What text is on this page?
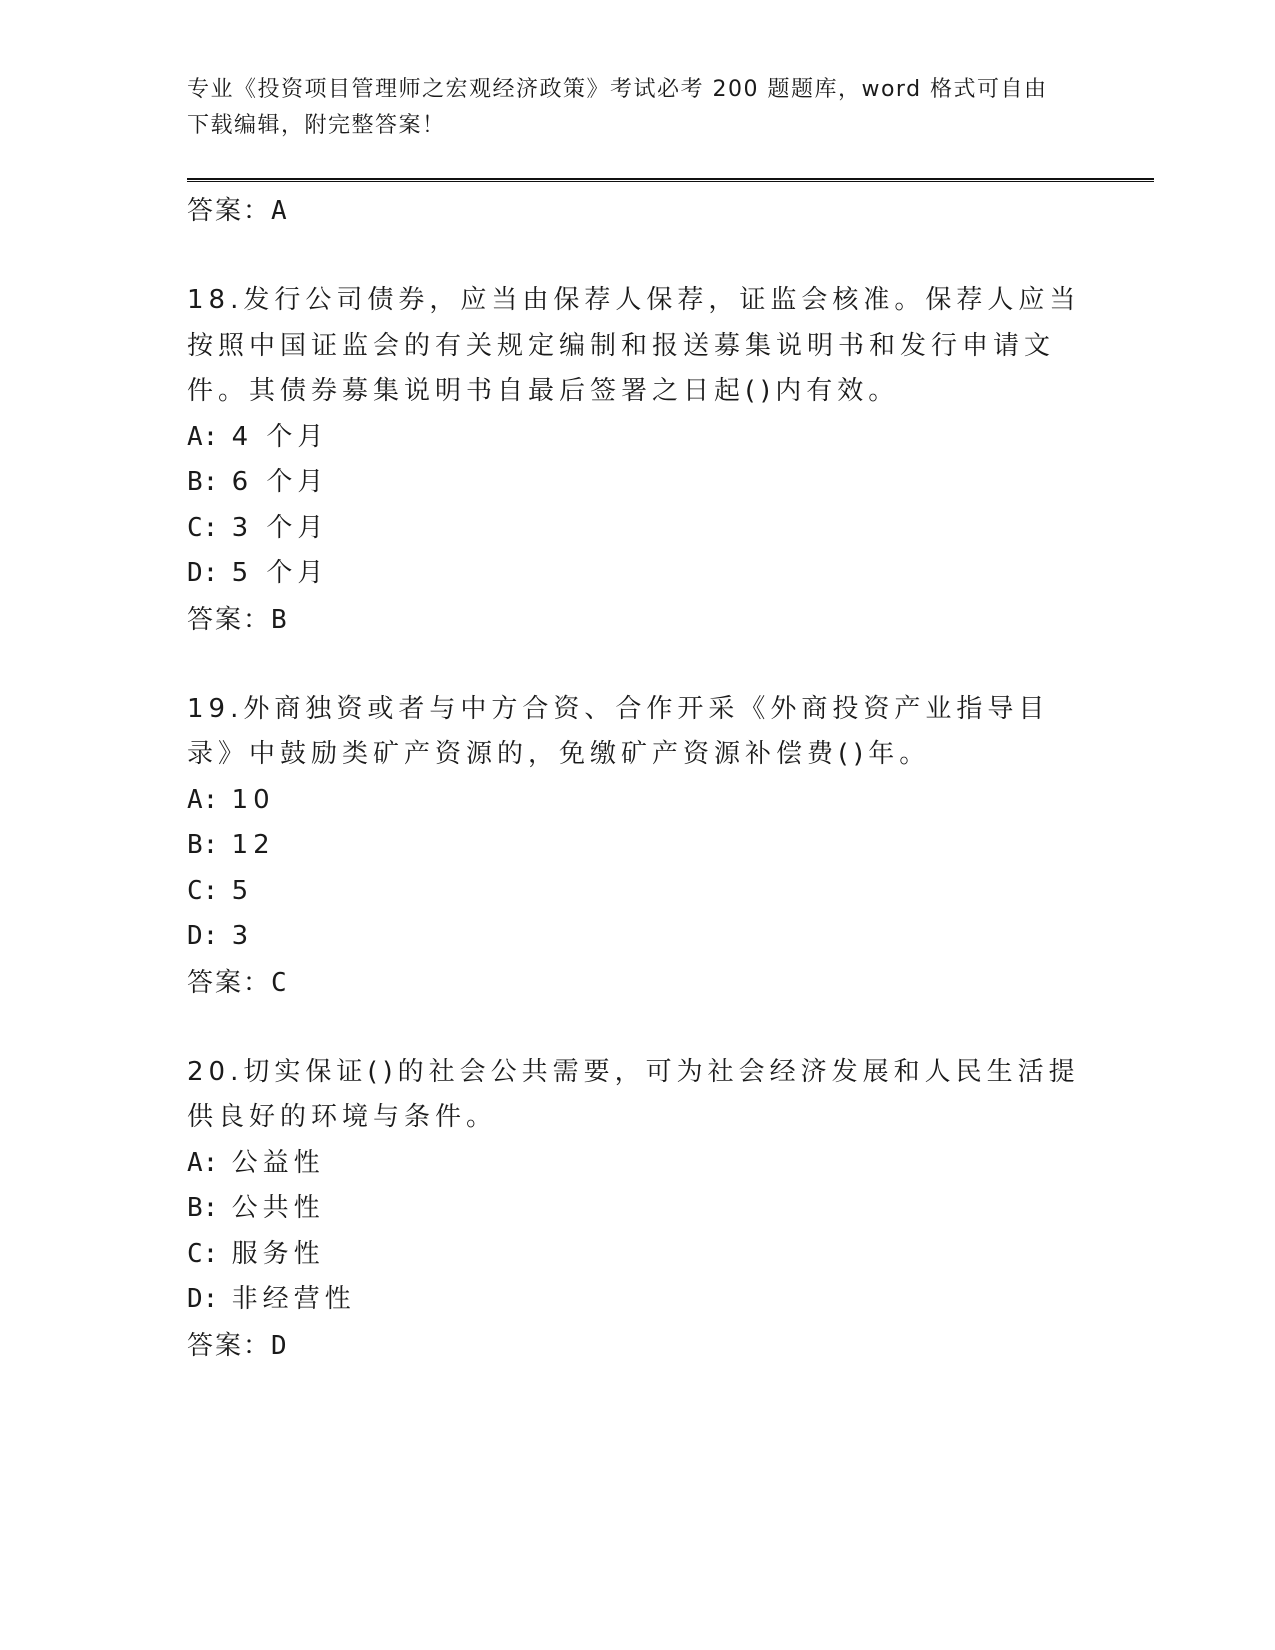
专业《投资项目管理师之宏观经济政策》考试必考 200 题题库，word 格式可自由
下载编辑，附完整答案！
答案：A
18.发行公司债券，应当由保荐人保荐，证监会核准。保荐人应当按照中国证监会的有关规定编制和报送募集说明书和发行申请文件。其债券募集说明书自最后签署之日起()内有效。
A: 4 个月
B: 6 个月
C: 3 个月
D: 5 个月
答案：B
19.外商独资或者与中方合资、合作开采《外商投资产业指导目录》中鼓励类矿产资源的，免缴矿产资源补偿费()年。
A: 10
B: 12
C: 5
D: 3
答案：C
20.切实保证()的社会公共需要，可为社会经济发展和人民生活提供良好的环境与条件。
A: 公益性
B: 公共性
C: 服务性
D: 非经营性
答案：D
